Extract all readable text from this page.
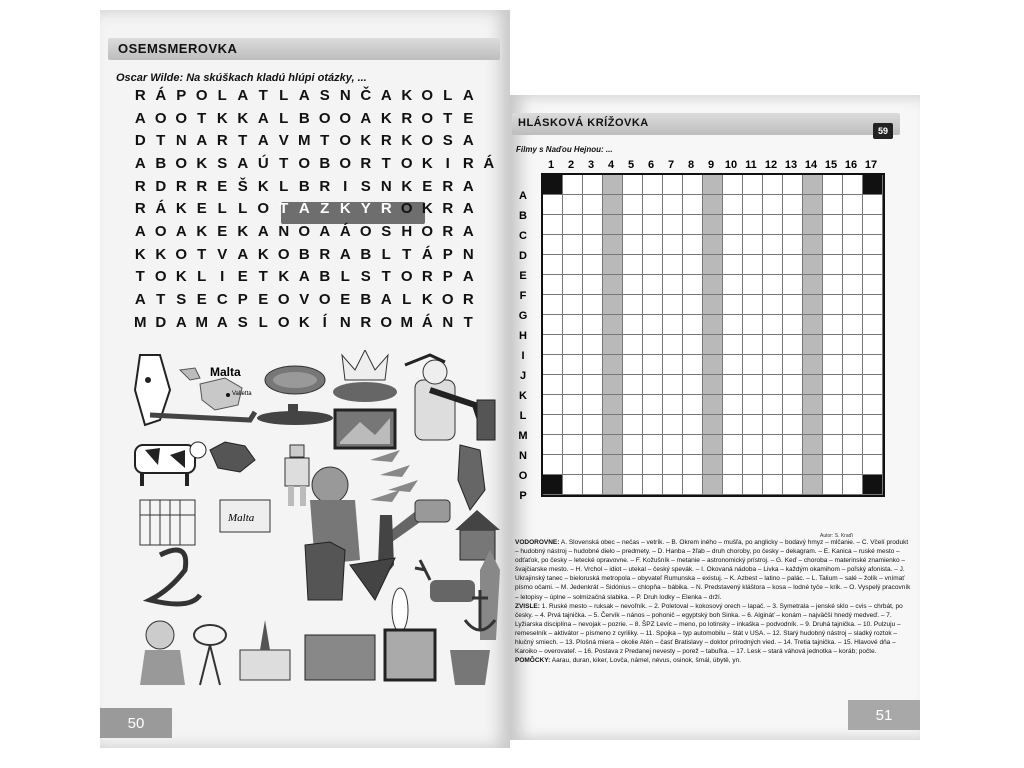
OSEMSMEROVKA
Oscar Wilde: Na skúškach kladú hlúpi otázky, ...
R Á P O L A T L A S N Č A K O L A
A O O T K K A L B O O A K R O T E
D T N A R T A V M T O K R K O S A
A B O K S A Ú T O B O R T O K I R Á
R D R R E Š K L B R I S N K E R A
R Á K E L L O T Á Z K Y R O K R A
A O A K E K A N O A Á O S H O R A
K K O T V A K O B R A B L T Á P N
T O K L I E T K A B L S T O R P A
A T S E C P E O V O E B A L K O R
M D A M A S L O K Í N R O M Á N T
Malta
Valletta
Malta
50
HLÁSKOVÁ KRÍŽOVKA
59
Filmy s Naďou Hejnou: ...
1	2	3	4	5	6	7	8	9 10 11 12 13 14 15 16 17
A
B
C
D
E
F
G
H
I
J
K
L
M
N
O
P
Autor: S. Kraďi

VODOROVNE: A. Slovenská obec – nečas – vetrík. – B. Okrem iného – mušľa, po anglicky – bodavý hmyz – mlčanie. – C. Včelí produkt – hudobný nástroj – hudobné dielo – predmety. – D. Hanba – žľab – druh choroby, po česky – dekagram. – E. Kanica – ruské mesto – odťaťok, po česky – letecké opravovne. – F. Kožušník – metanie – astronomický prístroj. – G. Keď – choroba – materinské znamienko – švajčiarske mesto. – H. Vrchol – idiot – utekal – český spevák. – I. Okovaná nádoba – Livka – každým okamihom – poľský afonista. – J. Ukrajinský tanec – bieloruská metropola – obyvateľ Rumunska – existuj. – K. Azbest – latino – palác. – L. Talium – salé – žolík – vnímať písmo očami. – M. Jedenkrát – Sidónius – chlopňa – bábika. – N. Predstavený kláštora – kosa – lodné tyče – krik. – O. Vyspelý pracovník – letopisy – úplne – solmizačná slabika. – P. Druh lodky – Elenka – drží.

ZVISLE: 1. Ruské mesto – ruksak – nevoľník. – 2. Poletoval – kokosový orech – lapač. – 3. Symetrala – jenské sklo – cvis – chrbát, po česky. – 4. Prvá tajnička. – 5. Červík – nános – pohonič – egyptský boh Sinka. – 6. Algináť – konám – najväčší hnedý medveď. – 7. Lyžiarska disciplína – nevojak – pozrie. – 8. ŠPZ Levíc – meno, po lotinsky – inkaška – podvodník. – 9. Druhá tajnička. – 10. Pulzuju – remeselník – aktivátor – písmeno z cyriliky. – 11. Spojka – typ automobilu – štát v USA. – 12. Starý hudobný nástroj – sladký roztok – hlučný smiech. – 13. Plošná miera – okolie Atén – časť Bratislavy – doktor prírodných vied. – 14. Tretia tajnička. – 15. Hlavové dňa – Karoiko – overovateľ. – 16. Postava z Predanej nevesty – porež – tabuľka. – 17. Lesk – stará váhová jednotka – koráb; počte.

POMÔCKY: Aarau, duran, kiker, Lovča, námel, névus, osinok, šmál, úbytě, yn.

51
